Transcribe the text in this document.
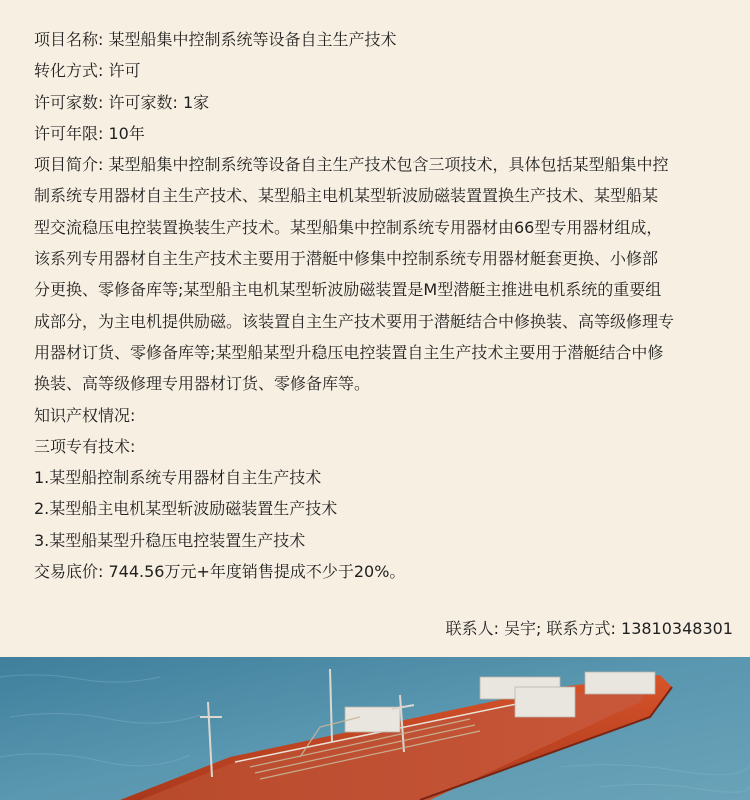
项目名称: 某型船集中控制系统等设备自主生产技术
转化方式: 许可
许可家数: 许可家数: 1家
许可年限: 10年
项目简介: 某型船集中控制系统等设备自主生产技术包含三项技术，具体包括某型船集中控
制系统专用器材自主生产技术、某型船主电机某型斩波励磁装置置换生产技术、某型船某
型交流稳压电控装置换装生产技术。某型船集中控制系统专用器材由66型专用器材组成，
该系列专用器材自主生产技术主要用于潜艇中修集中控制系统专用器材艇套更换、小修部
分更换、零修备库等;某型船主电机某型斩波励磁装置是M型潜艇主推进电机系统的重要组
成部分，为主电机提供励磁。该装置自主生产技术要用于潜艇结合中修换装、高等级修理专
用器材订货、零修备库等;某型船某型升稳压电控装置自主生产技术主要用于潜艇结合中修
换装、高等级修理专用器材订货、零修备库等。
知识产权情况:
三项专有技术:
1.某型船控制系统专用器材自主生产技术
2.某型船主电机某型斩波励磁装置生产技术
3.某型船某型升稳压电控装置生产技术
交易底价: 744.56万元+年度销售提成不少于20%。
联系人: 吴宇; 联系方式: 13810348301
